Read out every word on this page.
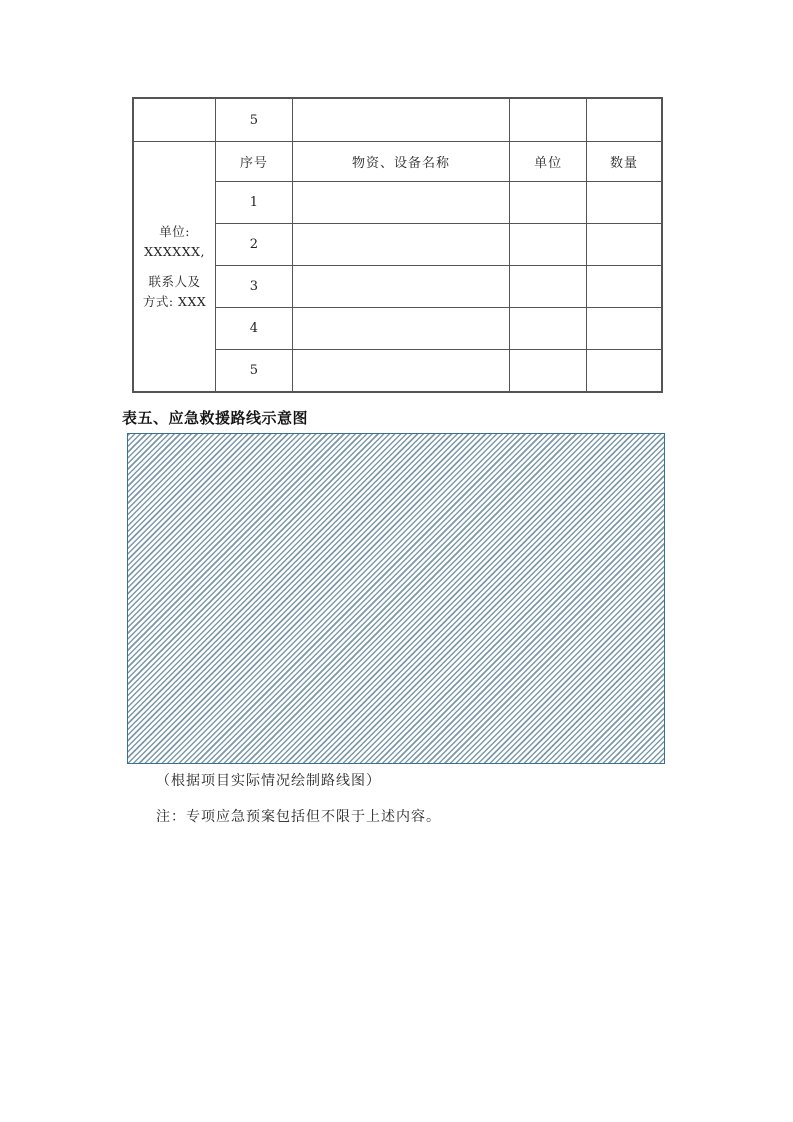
	5			

单位:
XXXXXX,
联系人及
方式: XXX	序号	物资、设备名称	单位	数量
	1			
	2			
	3			
	4			
	5			
表五、应急救援路线示意图
（根据项目实际情况绘制路线图）
注：专项应急预案包括但不限于上述内容。
